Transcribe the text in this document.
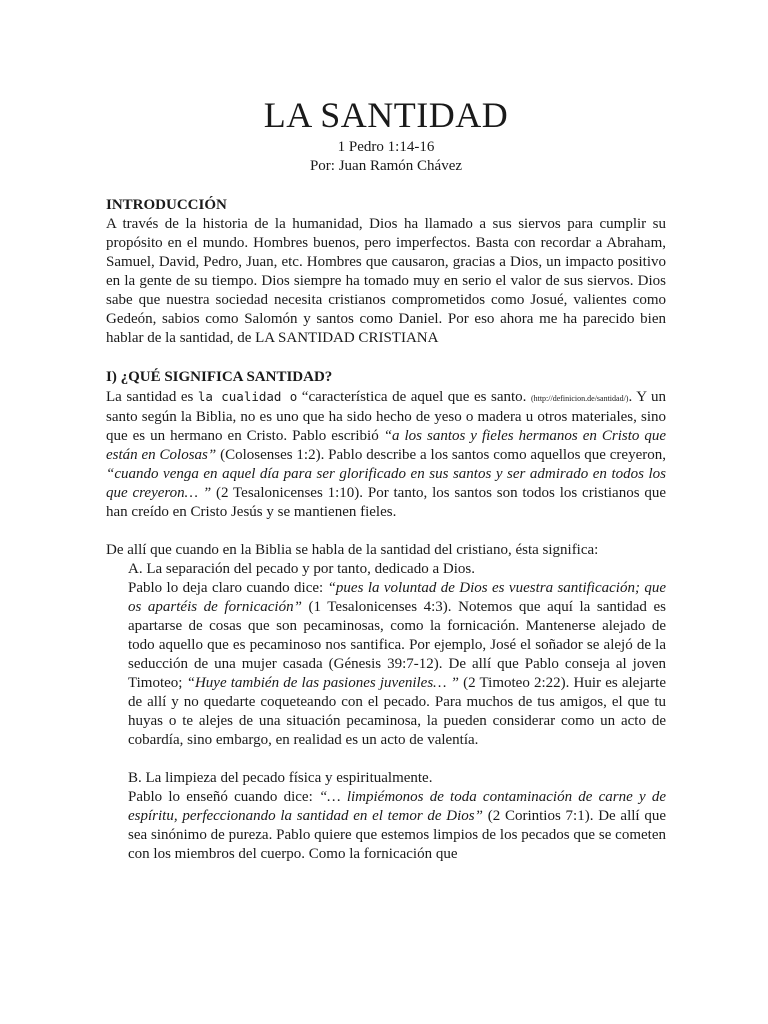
LA SANTIDAD
1 Pedro 1:14-16
Por: Juan Ramón Chávez
INTRODUCCIÓN

A través de la historia de la humanidad, Dios ha llamado a sus siervos para cumplir su propósito en el mundo. Hombres buenos, pero imperfectos. Basta con recordar a Abraham, Samuel, David, Pedro, Juan, etc. Hombres que causaron, gracias a Dios, un impacto positivo en la gente de su tiempo. Dios siempre ha tomado muy en serio el valor de sus siervos. Dios sabe que nuestra sociedad necesita cristianos comprometidos como Josué, valientes como Gedeón, sabios como Salomón y santos como Daniel. Por eso ahora me ha parecido bien hablar de la santidad, de LA SANTIDAD CRISTIANA

I) ¿QUÉ SIGNIFICA SANTIDAD?

La santidad es la cualidad o “característica de aquel que es santo. (http://definicion.de/santidad/). Y un santo según la Biblia, no es uno que ha sido hecho de yeso o madera u otros materiales, sino que es un hermano en Cristo. Pablo escribió “a los santos y fieles hermanos en Cristo que están en Colosas” (Colosenses 1:2). Pablo describe a los santos como aquellos que creyeron, “cuando venga en aquel día para ser glorificado en sus santos y ser admirado en todos los que creyeron… ” (2 Tesalonicenses 1:10). Por tanto, los santos son todos los cristianos que han creído en Cristo Jesús y se mantienen fieles.

De allí que cuando en la Biblia se habla de la santidad del cristiano, ésta significa:

A. La separación del pecado y por tanto, dedicado a Dios.

Pablo lo deja claro cuando dice: “pues la voluntad de Dios es vuestra santificación; que os apartéis de fornicación” (1 Tesalonicenses 4:3). Notemos que aquí la santidad es apartarse de cosas que son pecaminosas, como la fornicación. Mantenerse alejado de todo aquello que es pecaminoso nos santifica. Por ejemplo, José el soñador se alejó de la seducción de una mujer casada (Génesis 39:7-12). De allí que Pablo conseja al joven Timoteo; “Huye también de las pasiones juveniles… ” (2 Timoteo 2:22). Huir es alejarte de allí y no quedarte coqueteando con el pecado. Para muchos de tus amigos, el que tu huyas o te alejes de una situación pecaminosa, la pueden considerar como un acto de cobardía, sino embargo, en realidad es un acto de valentía.

B. La limpieza del pecado física y espiritualmente.

Pablo lo enseñó cuando dice: “… limpiémonos de toda contaminación de carne y de espíritu, perfeccionando la santidad en el temor de Dios” (2 Corintios 7:1). De allí que sea sinónimo de pureza. Pablo quiere que estemos limpios de los pecados que se cometen con los miembros del cuerpo. Como la fornicación que
